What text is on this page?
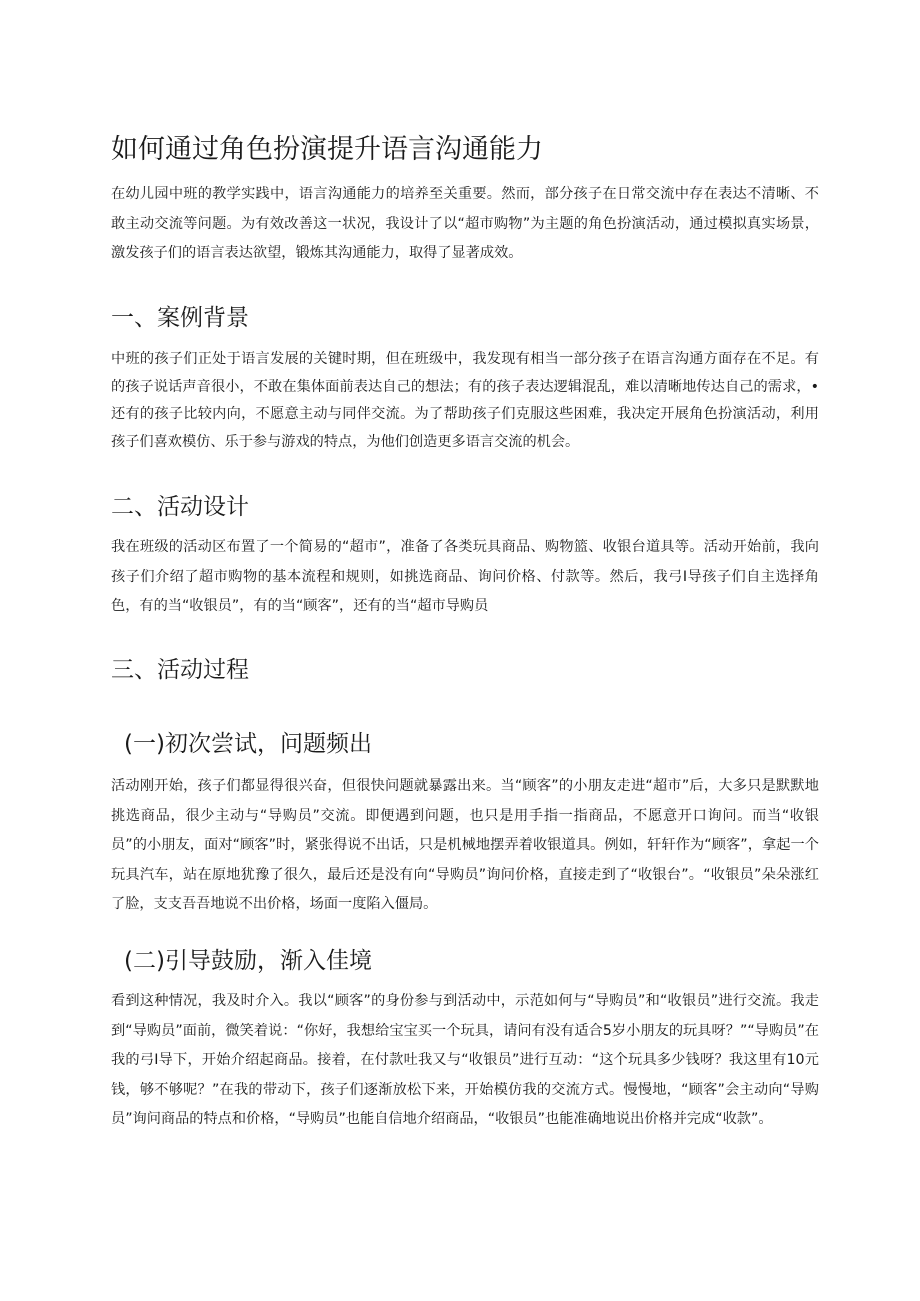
如何通过角色扮演提升语言沟通能力

在幼儿园中班的教学实践中，语言沟通能力的培养至关重要。然而，部分孩子在日常交流中存在表达不清晰、不敢主动交流等问题。为有效改善这一状况，我设计了以“超市购物”为主题的角色扮演活动，通过模拟真实场景，激发孩子们的语言表达欲望，锻炼其沟通能力，取得了显著成效。

一、案例背景

中班的孩子们正处于语言发展的关键时期，但在班级中，我发现有相当一部分孩子在语言沟通方面存在不足。有的孩子说话声音很小，不敢在集体面前表达自己的想法；有的孩子表达逻辑混乱，难以清晰地传达自己的需求，•还有的孩子比较内向，不愿意主动与同伴交流。为了帮助孩子们克服这些困难，我决定开展角色扮演活动，利用孩子们喜欢模仿、乐于参与游戏的特点，为他们创造更多语言交流的机会。

二、活动设计

我在班级的活动区布置了一个简易的“超市”，准备了各类玩具商品、购物篮、收银台道具等。活动开始前，我向孩子们介绍了超市购物的基本流程和规则，如挑选商品、询问价格、付款等。然后，我弓I导孩子们自主选择角色，有的当“收银员”，有的当“顾客”，还有的当“超市导购员

三、活动过程
(一)初次尝试，问题频出

活动刚开始，孩子们都显得很兴奋，但很快问题就暴露出来。当“顾客”的小朋友走进“超市”后，大多只是默默地挑选商品，很少主动与“导购员”交流。即便遇到问题，也只是用手指一指商品，不愿意开口询问。而当“收银员”的小朋友，面对“顾客”时，紧张得说不出话，只是机械地摆弄着收银道具。例如，轩轩作为“顾客”，拿起一个玩具汽车，站在原地犹豫了很久，最后还是没有向“导购员”询问价格，直接走到了“收银台”。“收银员”朵朵涨红了脸，支支吾吾地说不出价格，场面一度陷入僵局。

(二)引导鼓励，渐入佳境

看到这种情况，我及时介入。我以“顾客”的身份参与到活动中，示范如何与“导购员”和“收银员”进行交流。我走到“导购员”面前，微笑着说：“你好，我想给宝宝买一个玩具，请问有没有适合5岁小朋友的玩具呀？”“导购员”在我的弓I导下，开始介绍起商品。接着，在付款吐我又与“收银员”进行互动：“这个玩具多少钱呀？我这里有10元钱，够不够呢？”在我的带动下，孩子们逐渐放松下来，开始模仿我的交流方式。慢慢地，“顾客”会主动向“导购员”询问商品的特点和价格，“导购员”也能自信地介绍商品，“收银员”也能准确地说出价格并完成“收款”。
